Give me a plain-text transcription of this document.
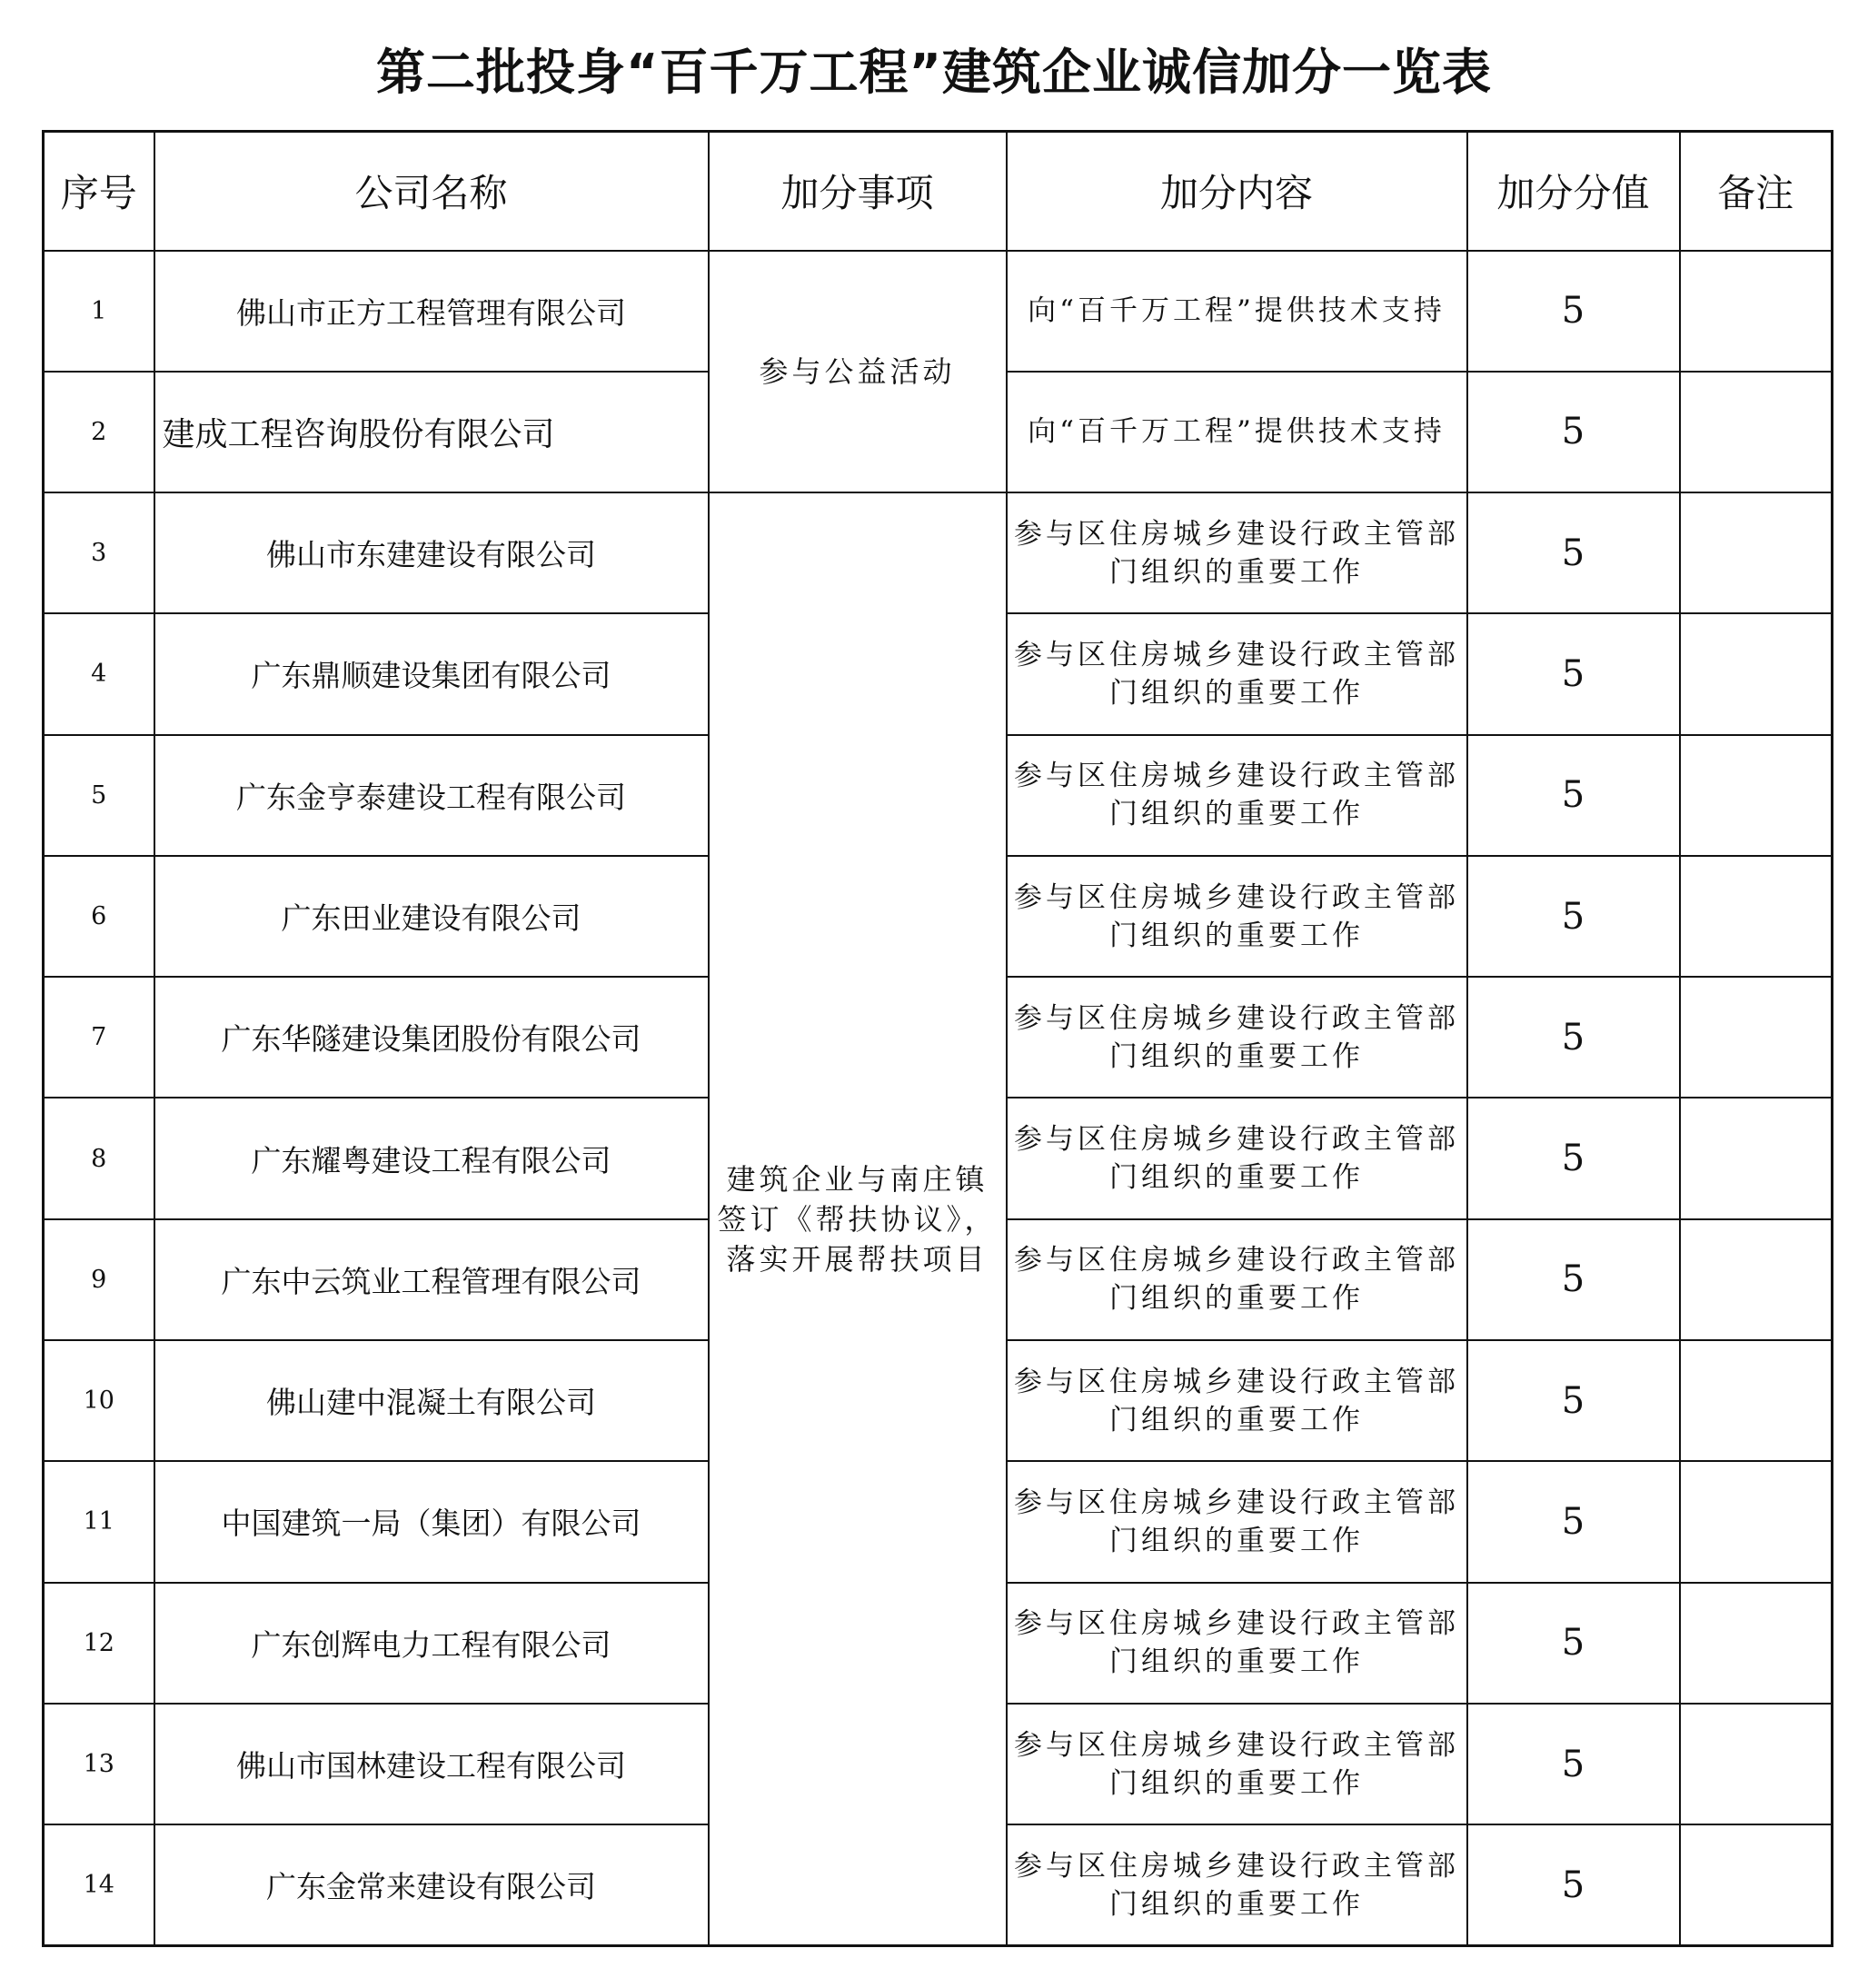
第二批投身“百千万工程”建筑企业诚信加分一览表
序号	公司名称	加分事项	加分内容	加分分值	备注
1	佛山市正方工程管理有限公司	参与公益活动	向“百千万工程”提供技术支持	5	
2	建成工程咨询股份有限公司		向“百千万工程”提供技术支持	5	
3	佛山市东建建设有限公司	建筑企业与南庄镇签订《帮扶协议》，落实开展帮扶项目	参与区住房城乡建设行政主管部门组织的重要工作	5	
4	广东鼎顺建设集团有限公司		参与区住房城乡建设行政主管部门组织的重要工作	5	
5	广东金亨泰建设工程有限公司		参与区住房城乡建设行政主管部门组织的重要工作	5	
6	广东田业建设有限公司		参与区住房城乡建设行政主管部门组织的重要工作	5	
7	广东华隧建设集团股份有限公司		参与区住房城乡建设行政主管部门组织的重要工作	5	
8	广东耀粤建设工程有限公司		参与区住房城乡建设行政主管部门组织的重要工作	5	
9	广东中云筑业工程管理有限公司		参与区住房城乡建设行政主管部门组织的重要工作	5	
10	佛山建中混凝土有限公司		参与区住房城乡建设行政主管部门组织的重要工作	5	
11	中国建筑一局（集团）有限公司		参与区住房城乡建设行政主管部门组织的重要工作	5	
12	广东创辉电力工程有限公司		参与区住房城乡建设行政主管部门组织的重要工作	5	
13	佛山市国林建设工程有限公司		参与区住房城乡建设行政主管部门组织的重要工作	5	
14	广东金常来建设有限公司		参与区住房城乡建设行政主管部门组织的重要工作	5	
